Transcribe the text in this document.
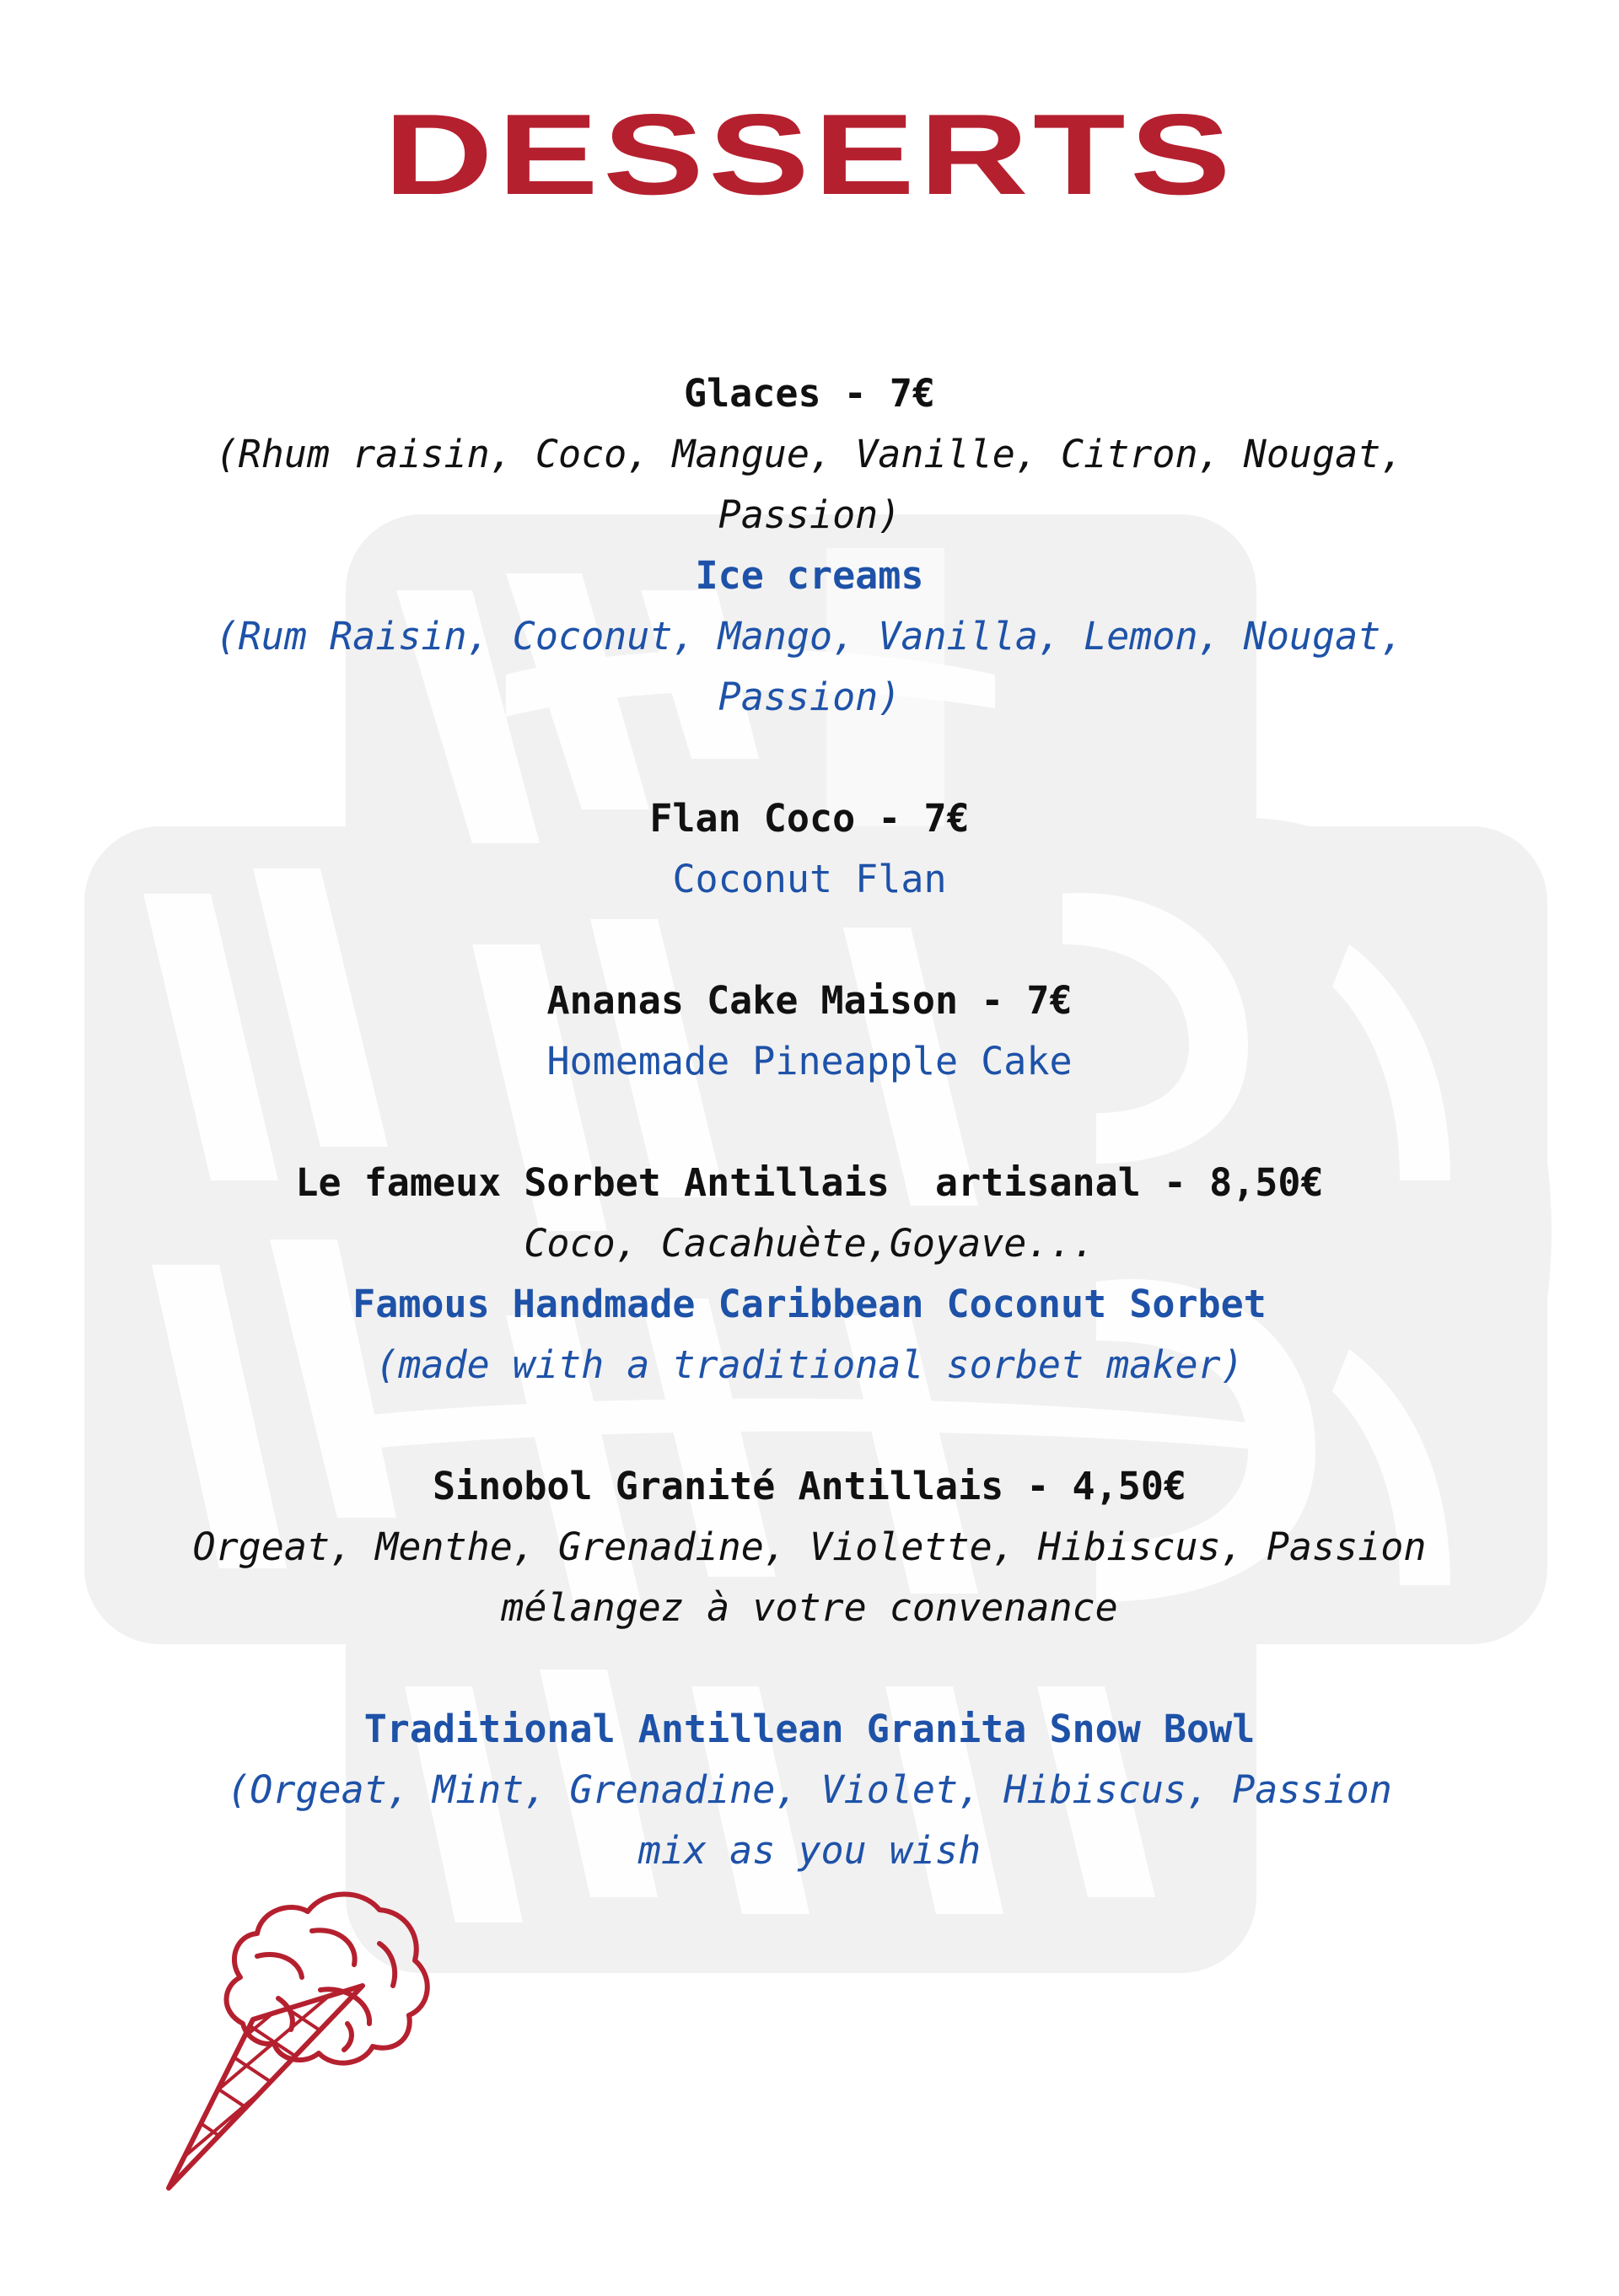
DESSERTS
Glaces - 7€
(Rhum raisin, Coco, Mangue, Vanille, Citron, Nougat,
Passion)
Ice creams
(Rum Raisin, Coconut, Mango, Vanilla, Lemon, Nougat,
Passion)
Flan Coco - 7€
Coconut Flan
Ananas Cake Maison - 7€
Homemade Pineapple Cake
Le fameux Sorbet Antillais  artisanal - 8,50€
Coco, Cacahuète,Goyave...
Famous Handmade Caribbean Coconut Sorbet
(made with a traditional sorbet maker)
Sinobol Granité Antillais - 4,50€
Orgeat, Menthe, Grenadine, Violette, Hibiscus, Passion
mélangez à votre convenance
Traditional Antillean Granita Snow Bowl
(Orgeat, Mint, Grenadine, Violet, Hibiscus, Passion
mix as you wish
